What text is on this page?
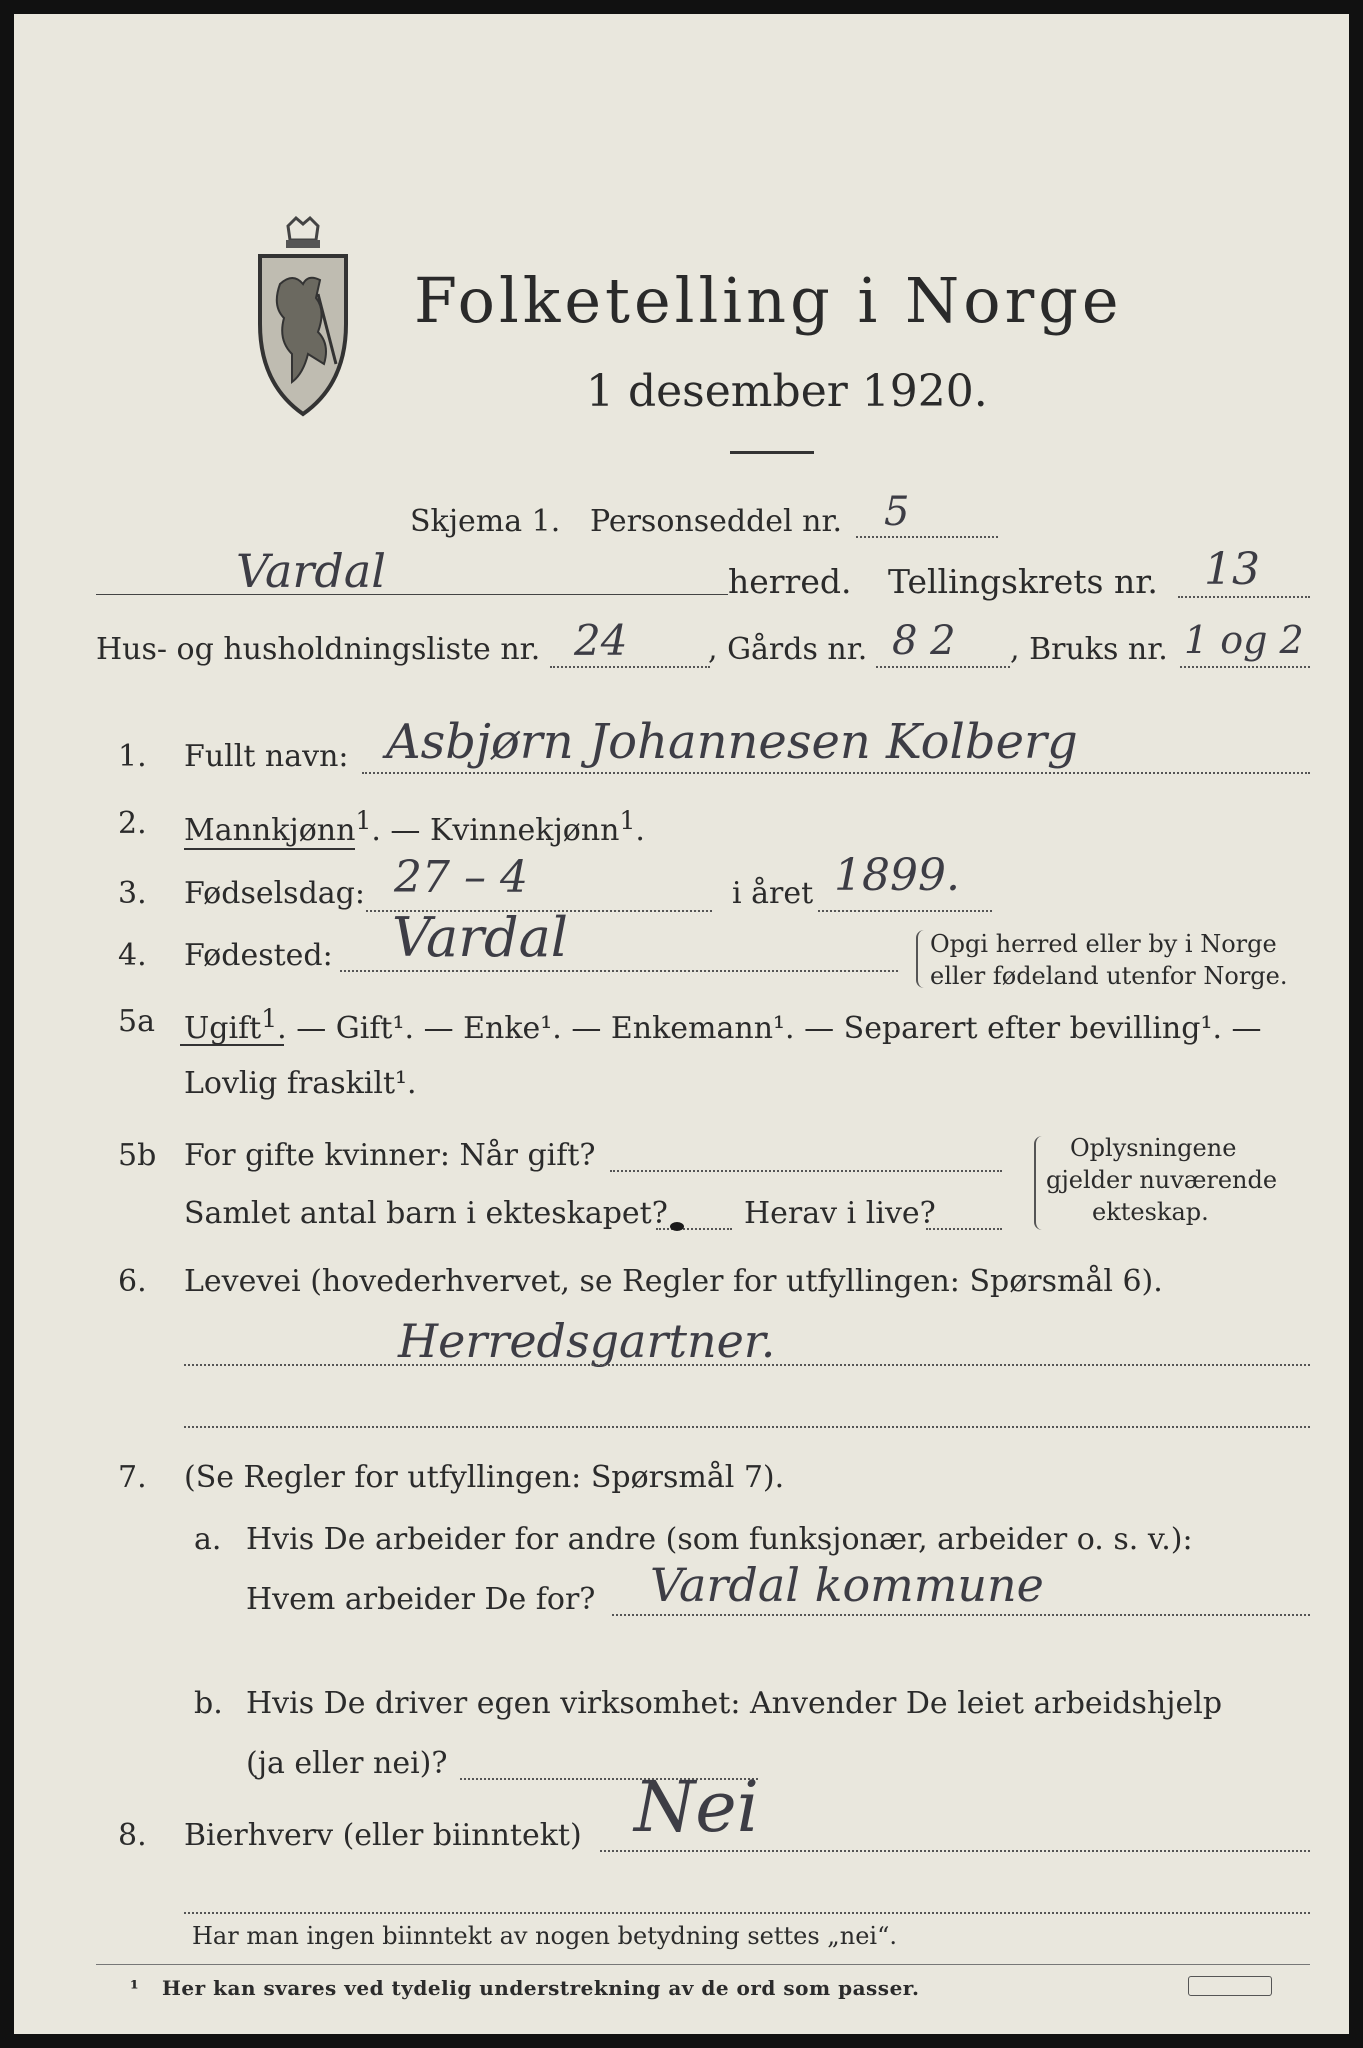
Folketelling i Norge
1 desember 1920.
Skjema 1. Personseddel nr. 5
Vardal	herred. Tellingskrets nr. 13
Hus- og husholdningsliste nr. 24	, Gårds nr. 8 2 , Bruks nr. 1 og 2
1. Fullt navn: Asbjørn Johannesen Kolberg
2. Mannkjønn$^1$. — Kvinnekjønn$^1$.
3. Fødselsdag: 27 – 4	i året 1899.
4. Fødested: Vardal	Opgi herred eller by i Norge
eller fødeland utenfor Norge.
5a Ugift$^1$. — Gift¹. — Enke¹. — Enkemann¹. — Separert efter bevilling¹. —
Lovlig fraskilt¹.
5b For gifte kvinner: Når gift?
Samlet antal barn i ekteskapet?	Herav i live?
Oplysningene
gjelder nuværende
ekteskap.
6. Levevei (hovederhvervet, se Regler for utfyllingen: Spørsmål 6).
Herredsgartner.
7. (Se Regler for utfyllingen: Spørsmål 7).
a. Hvis De arbeider for andre (som funksjonær, arbeider o. s. v.):
Hvem arbeider De for? Vardal kommune
b. Hvis De driver egen virksomhet: Anvender De leiet arbeidshjelp
(ja eller nei)?
8. Bierhverv (eller biinntekt) Nei
Har man ingen biinntekt av nogen betydning settes „nei“.
¹ Her kan svares ved tydelig understrekning av de ord som passer.
